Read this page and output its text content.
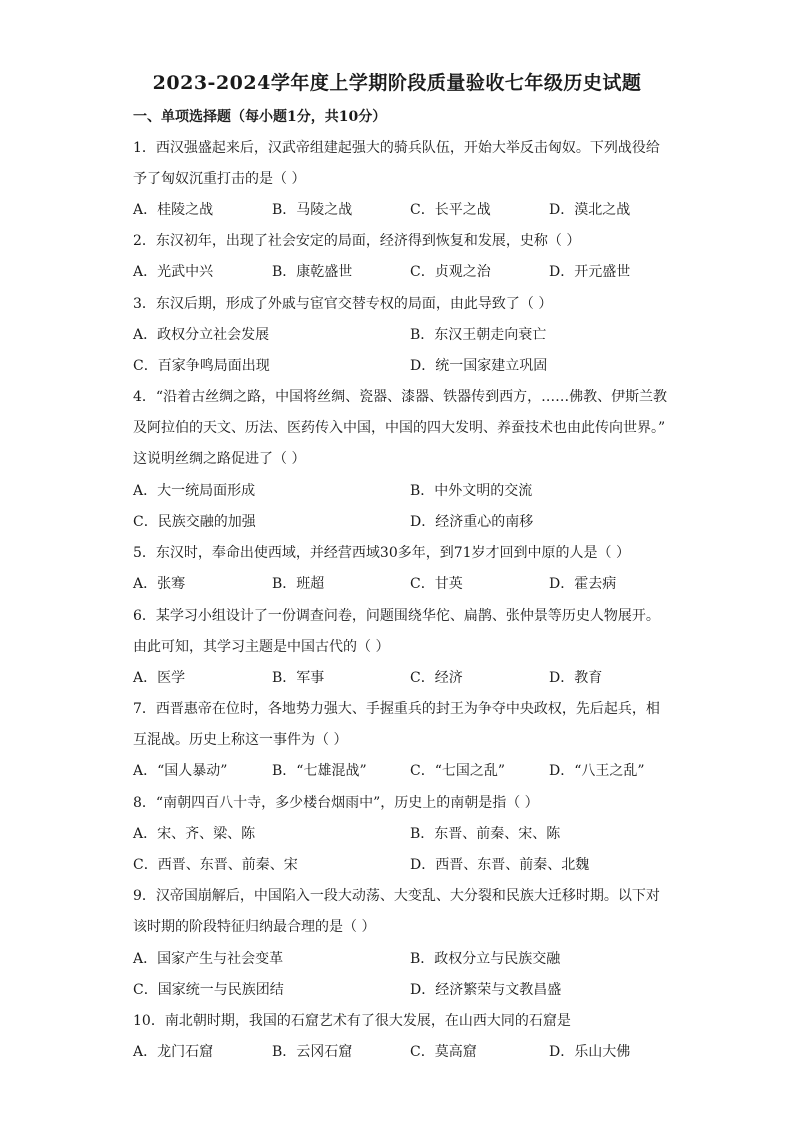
2023-2024学年度上学期阶段质量验收七年级历史试题
一、单项选择题（每小题1分，共10分）
1．西汉强盛起来后，汉武帝组建起强大的骑兵队伍，开始大举反击匈奴。下列战役给
予了匈奴沉重打击的是（ ）
A．桂陵之战	B．马陵之战	C．长平之战	D．漠北之战
2．东汉初年，出现了社会安定的局面，经济得到恢复和发展，史称（ ）
A．光武中兴	B．康乾盛世	C．贞观之治	D．开元盛世
3．东汉后期，形成了外戚与宦官交替专权的局面，由此导致了（ ）
A．政权分立社会发展	B．东汉王朝走向衰亡
C．百家争鸣局面出现	D．统一国家建立巩固
4．“沿着古丝绸之路，中国将丝绸、瓷器、漆器、铁器传到西方，……佛教、伊斯兰教
及阿拉伯的天文、历法、医药传入中国，中国的四大发明、养蚕技术也由此传向世界。”
这说明丝绸之路促进了（ ）
A．大一统局面形成	B．中外文明的交流
C．民族交融的加强	D．经济重心的南移
5．东汉时，奉命出使西域，并经营西域30多年，到71岁才回到中原的人是（ ）
A．张骞	B．班超	C．甘英	D．霍去病
6．某学习小组设计了一份调查问卷，问题围绕华佗、扁鹊、张仲景等历史人物展开。
由此可知，其学习主题是中国古代的（ ）
A．医学	B．军事	C．经济	D．教育
7．西晋惠帝在位时，各地势力强大、手握重兵的封王为争夺中央政权，先后起兵，相
互混战。历史上称这一事件为（ ）
A．“国人暴动”	B．“七雄混战”	C．“七国之乱”	D．“八王之乱”
8．“南朝四百八十寺，多少楼台烟雨中”，历史上的南朝是指（ ）
A．宋、齐、梁、陈	B．东晋、前秦、宋、陈
C．西晋、东晋、前秦、宋	D．西晋、东晋、前秦、北魏
9．汉帝国崩解后，中国陷入一段大动荡、大变乱、大分裂和民族大迁移时期。以下对
该时期的阶段特征归纳最合理的是（ ）
A．国家产生与社会变革	B．政权分立与民族交融
C．国家统一与民族团结	D．经济繁荣与文教昌盛
10．南北朝时期，我国的石窟艺术有了很大发展，在山西大同的石窟是
A．龙门石窟	B．云冈石窟	C．莫高窟	D．乐山大佛
